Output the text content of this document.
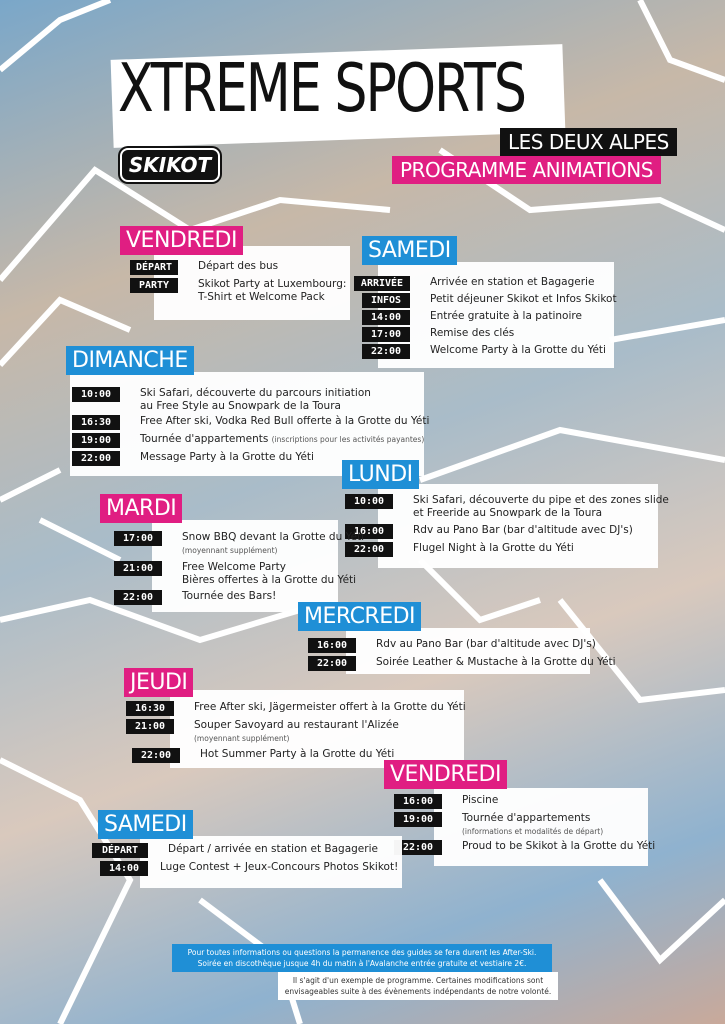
XTREME SPORTS
LES DEUX ALPES
PROGRAMME ANIMATIONS
SKIKOT
VENDREDI
DÉPART	Départ des bus
PARTY	Skikot Party at Luxembourg:
T-Shirt et Welcome Pack
SAMEDI
ARRIVÉE	Arrivée en station et Bagagerie
INFOS	Petit déjeuner Skikot et Infos Skikot
14:00	Entrée gratuite à la patinoire
17:00	Remise des clés
22:00	Welcome Party à la Grotte du Yéti
DIMANCHE
10:00	Ski Safari, découverte du parcours initiation
au Free Style au Snowpark de la Toura
16:30	Free After ski, Vodka Red Bull offerte à la Grotte du Yéti
19:00	Tournée d'appartements (inscriptions pour les activités payantes)
22:00	Message Party à la Grotte du Yéti
LUNDI
10:00	Ski Safari, découverte du pipe et des zones slide
et Freeride au Snowpark de la Toura
16:00	Rdv au Pano Bar (bar d'altitude avec DJ's)
22:00	Flugel Night à la Grotte du Yéti
MARDI
17:00	Snow BBQ devant la Grotte du Yéti
(moyennant supplément)
21:00	Free Welcome Party
Bières offertes à la Grotte du Yéti
22:00	Tournée des Bars!
MERCREDI
16:00	Rdv au Pano Bar (bar d'altitude avec DJ's)
22:00	Soirée Leather & Mustache à la Grotte du Yéti
JEUDI
16:30	Free After ski, Jägermeister offert à la Grotte du Yéti
21:00	Souper Savoyard au restaurant l'Alizée
(moyennant supplément)
22:00	Hot Summer Party à la Grotte du Yéti
VENDREDI
16:00	Piscine
19:00	Tournée d'appartements
(informations et modalités de départ)
22:00	Proud to be Skikot à la Grotte du Yéti
SAMEDI
DÉPART	Départ / arrivée en station et Bagagerie
14:00	Luge Contest + Jeux-Concours Photos Skikot!
Pour toutes informations ou questions la permanence des guides se fera durent les After-Ski.
Soirée en discothèque jusque 4h du matin à l'Avalanche entrée gratuite et vestiaire 2€.
Il s'agit d'un exemple de programme. Certaines modifications sont
envisageables suite à des évènements indépendants de notre volonté.
